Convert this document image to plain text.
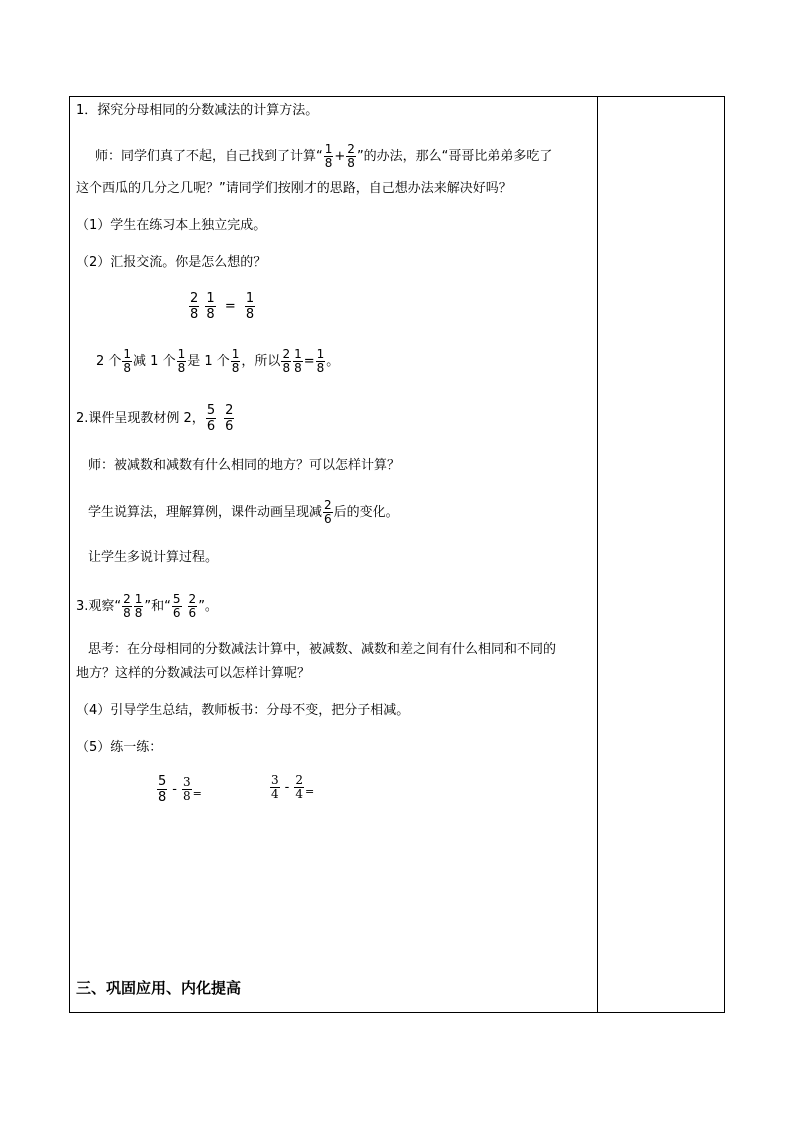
1．探究分母相同的分数减法的计算方法。
师：同学们真了不起，自己找到了计算“ $\frac{1}{8} + \frac{2}{8}$ ”的办法，那么“哥哥比弟弟多吃了
这个西瓜的几分之几呢？”请同学们按刚才的思路，自己想办法来解决好吗？
（1）学生在练习本上独立完成。
（2）汇报交流。你是怎么想的？
$\frac{2}{8}$
$\frac{1}{8} = \frac{1}{8}$
2 个 $\frac{1}{8}$ 减 1 个 $\frac{1}{8}$ 是 1 个 $\frac{1}{8}$ ，所以 $\frac{2}{8} \frac{1}{8} = \frac{1}{8}$ 。
2.课件呈现教材例 2， $\frac{5}{6} \frac{2}{6}$
师：被减数和减数有什么相同的地方？可以怎样计算？
学生说算法，理解算例，课件动画呈现减 $\frac{2}{6}$ 后的变化。
让学生多说计算过程。
3.观察“ $\frac{2}{8} \frac{1}{8}$ ”和“ $\frac{5}{6} \frac{2}{6}$ ”。
思考：在分母相同的分数减法计算中，被减数、减数和差之间有什么相同和不同的
地方？这样的分数减法可以怎样计算呢？
（4）引导学生总结，教师板书：分母不变，把分子相减。
（5）练一练：
$\frac{5}{8} - \frac{3}{8} _=$	$\frac{3}{4} - \frac{2}{4} _=$
三、巩固应用、内化提高
